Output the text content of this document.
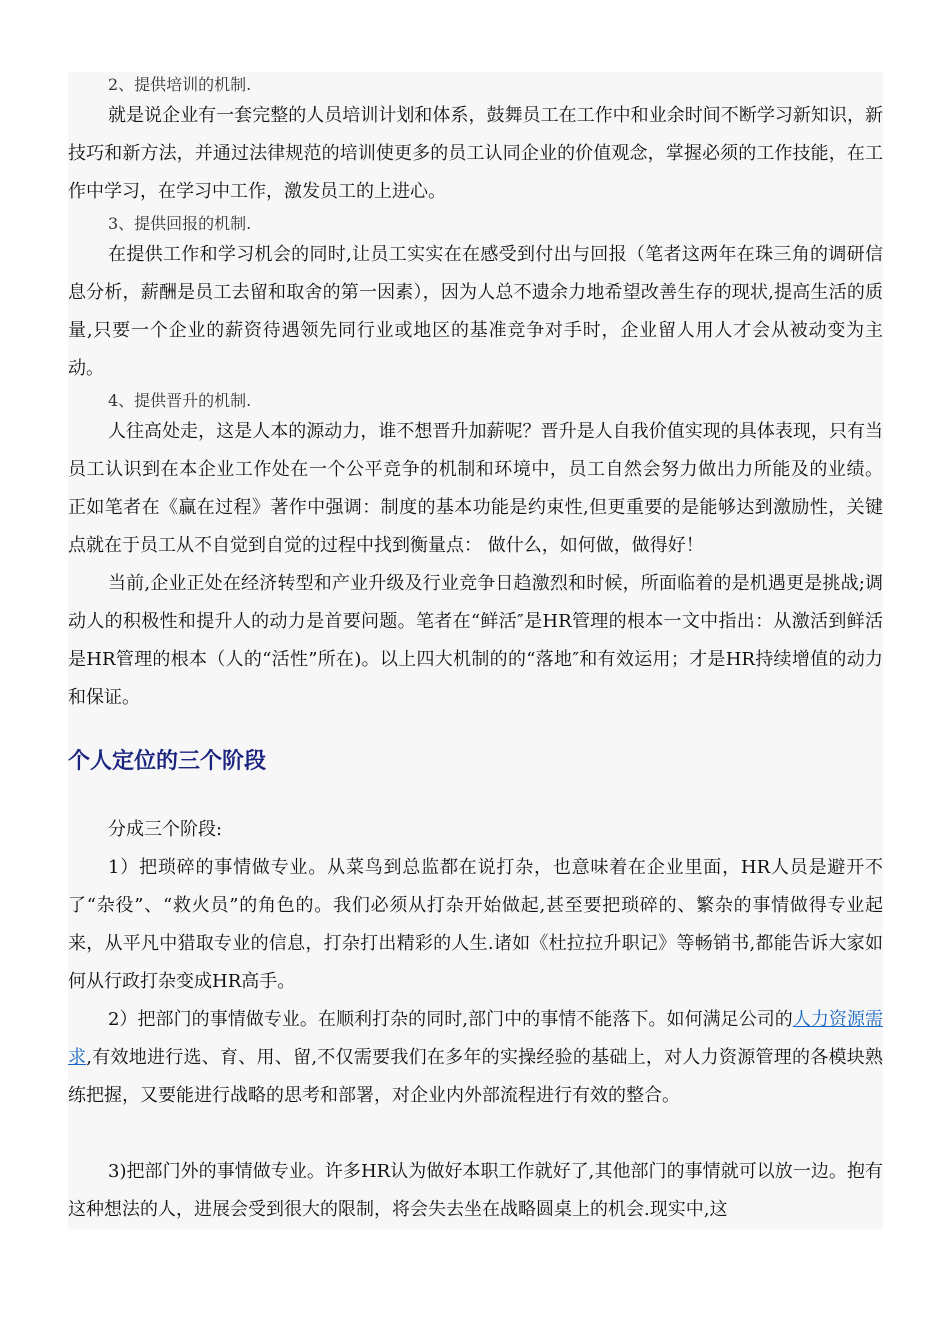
2、提供培训的机制.

就是说企业有一套完整的人员培训计划和体系，鼓舞员工在工作中和业余时间不断学习新知识，新技巧和新方法，并通过法律规范的培训使更多的员工认同企业的价值观念，掌握必须的工作技能，在工作中学习，在学习中工作，激发员工的上进心。

3、提供回报的机制.

在提供工作和学习机会的同时,让员工实实在在感受到付出与回报（笔者这两年在珠三角的调研信息分析，薪酬是员工去留和取舍的第一因素），因为人总不遗余力地希望改善生存的现状,提高生活的质量,只要一个企业的薪资待遇领先同行业或地区的基准竞争对手时，企业留人用人才会从被动变为主动。

4、提供晋升的机制.

人往高处走，这是人本的源动力，谁不想晋升加薪呢？晋升是人自我价值实现的具体表现，只有当员工认识到在本企业工作处在一个公平竞争的机制和环境中，员工自然会努力做出力所能及的业绩。 正如笔者在《赢在过程》著作中强调：制度的基本功能是约束性,但更重要的是能够达到激励性，关键点就在于员工从不自觉到自觉的过程中找到衡量点： 做什么，如何做，做得好！

当前,企业正处在经济转型和产业升级及行业竞争日趋激烈和时候，所面临着的是机遇更是挑战;调动人的积极性和提升人的动力是首要问题。笔者在“鲜活″是HR管理的根本一文中指出：从激活到鲜活是HR管理的根本（人的“活性”所在)。以上四大机制的的“落地″和有效运用；才是HR持续增值的动力和保证。

个人定位的三个阶段

分成三个阶段:

1）把琐碎的事情做专业。从菜鸟到总监都在说打杂，也意味着在企业里面，HR人员是避开不了“杂役”、“救火员”的角色的。我们必须从打杂开始做起,甚至要把琐碎的、繁杂的事情做得专业起来，从平凡中猎取专业的信息，打杂打出精彩的人生.诸如《杜拉拉升职记》等畅销书,都能告诉大家如何从行政打杂变成HR高手。

2）把部门的事情做专业。在顺利打杂的同时,部门中的事情不能落下。如何满足公司的人力资源需求,有效地进行选、育、用、留,不仅需要我们在多年的实操经验的基础上，对人力资源管理的各模块熟练把握，又要能进行战略的思考和部署，对企业内外部流程进行有效的整合。

3)把部门外的事情做专业。许多HR认为做好本职工作就好了,其他部门的事情就可以放一边。抱有这种想法的人，进展会受到很大的限制，将会失去坐在战略圆桌上的机会.现实中,这
